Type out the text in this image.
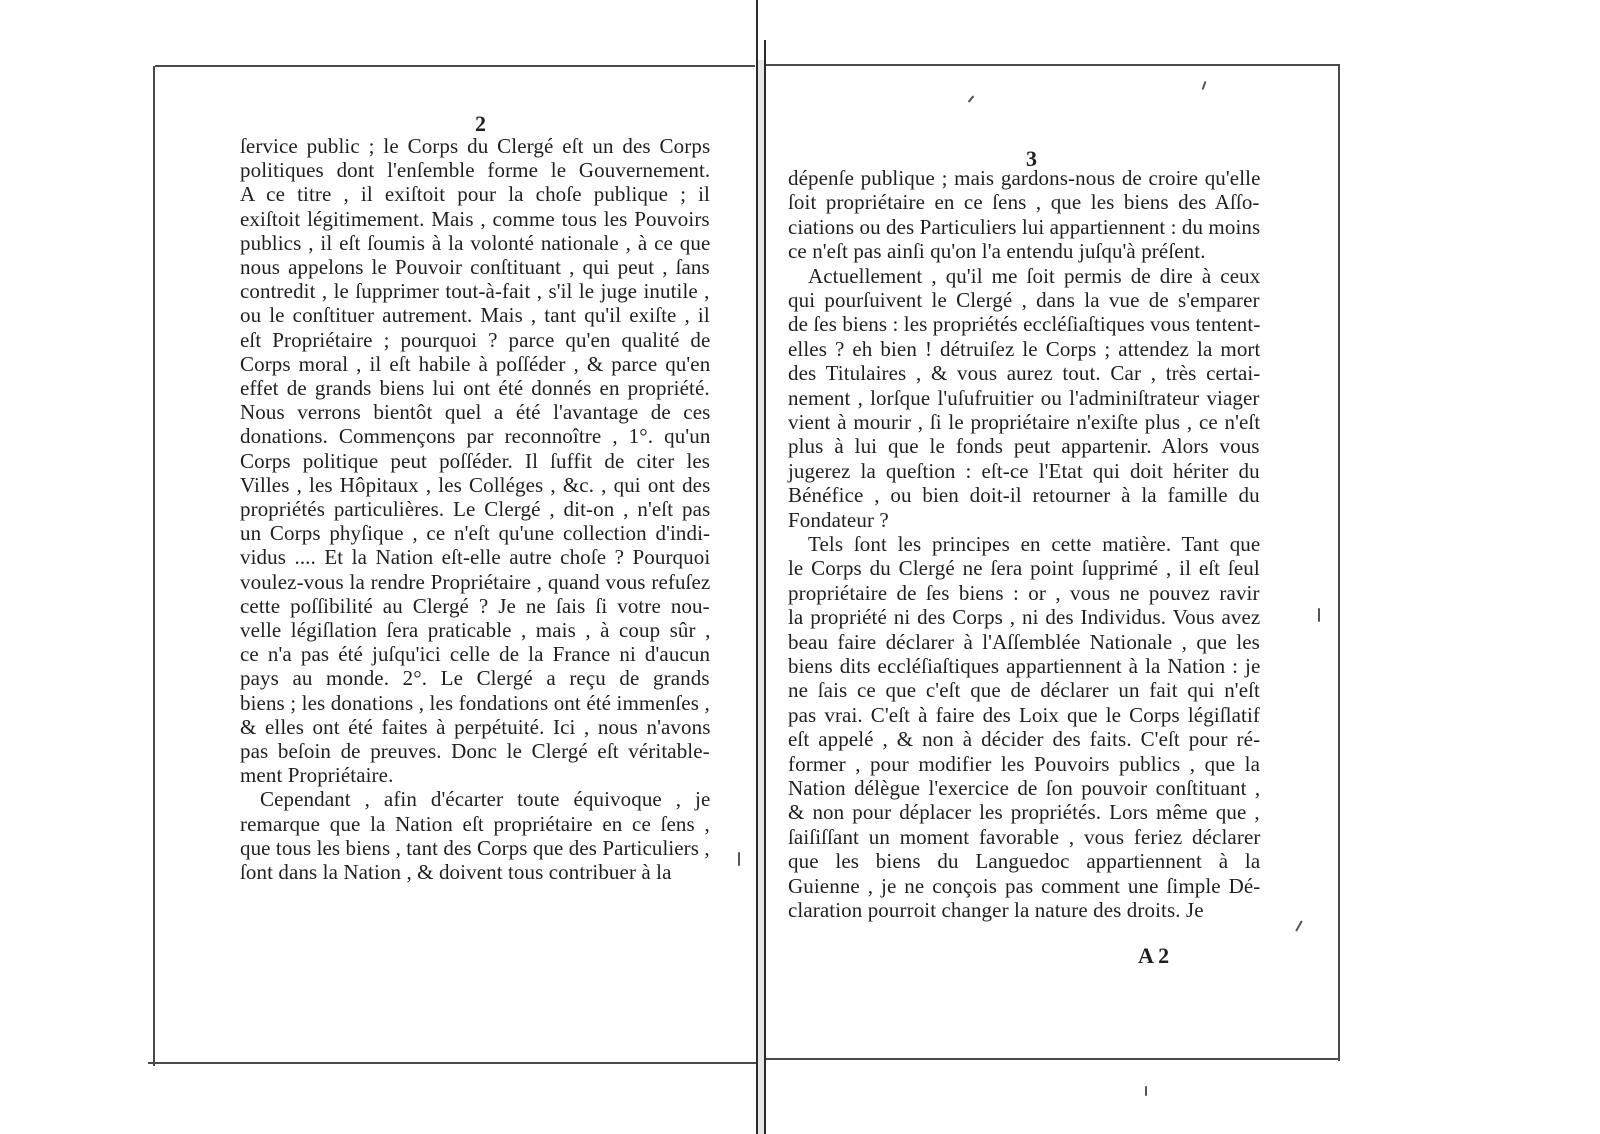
2
ſervice public ; le Corps du Clergé eſt un des Corps
politiques dont l'enſemble forme le Gouvernement.
A ce titre , il exiſtoit pour la choſe publique ; il
exiſtoit légitimement. Mais , comme tous les Pouvoirs
publics , il eſt ſoumis à la volonté nationale , à ce que
nous appelons le Pouvoir conſtituant , qui peut , ſans
contredit , le ſupprimer tout-à-fait , s'il le juge inutile ,
ou le conſtituer autrement. Mais , tant qu'il exiſte , il
eſt Propriétaire ; pourquoi ? parce qu'en qualité de
Corps moral , il eſt habile à poſſéder , & parce qu'en
effet de grands biens lui ont été donnés en propriété.
Nous verrons bientôt quel a été l'avantage de ces
donations. Commençons par reconnoître , 1°. qu'un
Corps politique peut poſſéder. Il ſuffit de citer les
Villes , les Hôpitaux , les Colléges , &c. , qui ont des
propriétés particulières. Le Clergé , dit-on , n'eſt pas
un Corps phyſique , ce n'eſt qu'une collection d'indi-
vidus .... Et la Nation eſt-elle autre choſe ? Pourquoi
voulez-vous la rendre Propriétaire , quand vous refuſez
cette poſſibilité au Clergé ? Je ne ſais ſi votre nou-
velle légiſlation ſera praticable , mais , à coup sûr ,
ce n'a pas été juſqu'ici celle de la France ni d'aucun
pays au monde. 2°. Le Clergé a reçu de grands
biens ; les donations , les fondations ont été immenſes ,
& elles ont été faites à perpétuité. Ici , nous n'avons
pas beſoin de preuves. Donc le Clergé eſt véritable-
ment Propriétaire.
Cependant , afin d'écarter toute équivoque , je
remarque que la Nation eſt propriétaire en ce ſens ,
que tous les biens , tant des Corps que des Particuliers ,
ſont dans la Nation , & doivent tous contribuer à la
3
dépenſe publique ; mais gardons-nous de croire qu'elle
ſoit propriétaire en ce ſens , que les biens des Aſſo-
ciations ou des Particuliers lui appartiennent : du moins
ce n'eſt pas ainſi qu'on l'a entendu juſqu'à préſent.
Actuellement , qu'il me ſoit permis de dire à ceux
qui pourſuivent le Clergé , dans la vue de s'emparer
de ſes biens : les propriétés eccléſiaſtiques vous tentent-
elles ? eh bien ! détruiſez le Corps ; attendez la mort
des Titulaires , & vous aurez tout. Car , très certai-
nement , lorſque l'uſufruitier ou l'adminiſtrateur viager
vient à mourir , ſi le propriétaire n'exiſte plus , ce n'eſt
plus à lui que le fonds peut appartenir. Alors vous
jugerez la queſtion : eſt-ce l'Etat qui doit hériter du
Bénéfice , ou bien doit-il retourner à la famille du
Fondateur ?
Tels ſont les principes en cette matière. Tant que
le Corps du Clergé ne ſera point ſupprimé , il eſt ſeul
propriétaire de ſes biens : or , vous ne pouvez ravir
la propriété ni des Corps , ni des Individus. Vous avez
beau faire déclarer à l'Aſſemblée Nationale , que les
biens dits eccléſiaſtiques appartiennent à la Nation : je
ne ſais ce que c'eſt que de déclarer un fait qui n'eſt
pas vrai. C'eſt à faire des Loix que le Corps légiſlatif
eſt appelé , & non à décider des faits. C'eſt pour ré-
former , pour modifier les Pouvoirs publics , que la
Nation délègue l'exercice de ſon pouvoir conſtituant ,
& non pour déplacer les propriétés. Lors même que ,
ſaiſiſſant un moment favorable , vous feriez déclarer
que les biens du Languedoc appartiennent à la
Guienne , je ne conçois pas comment une ſimple Dé-
claration pourroit changer la nature des droits. Je
A 2
